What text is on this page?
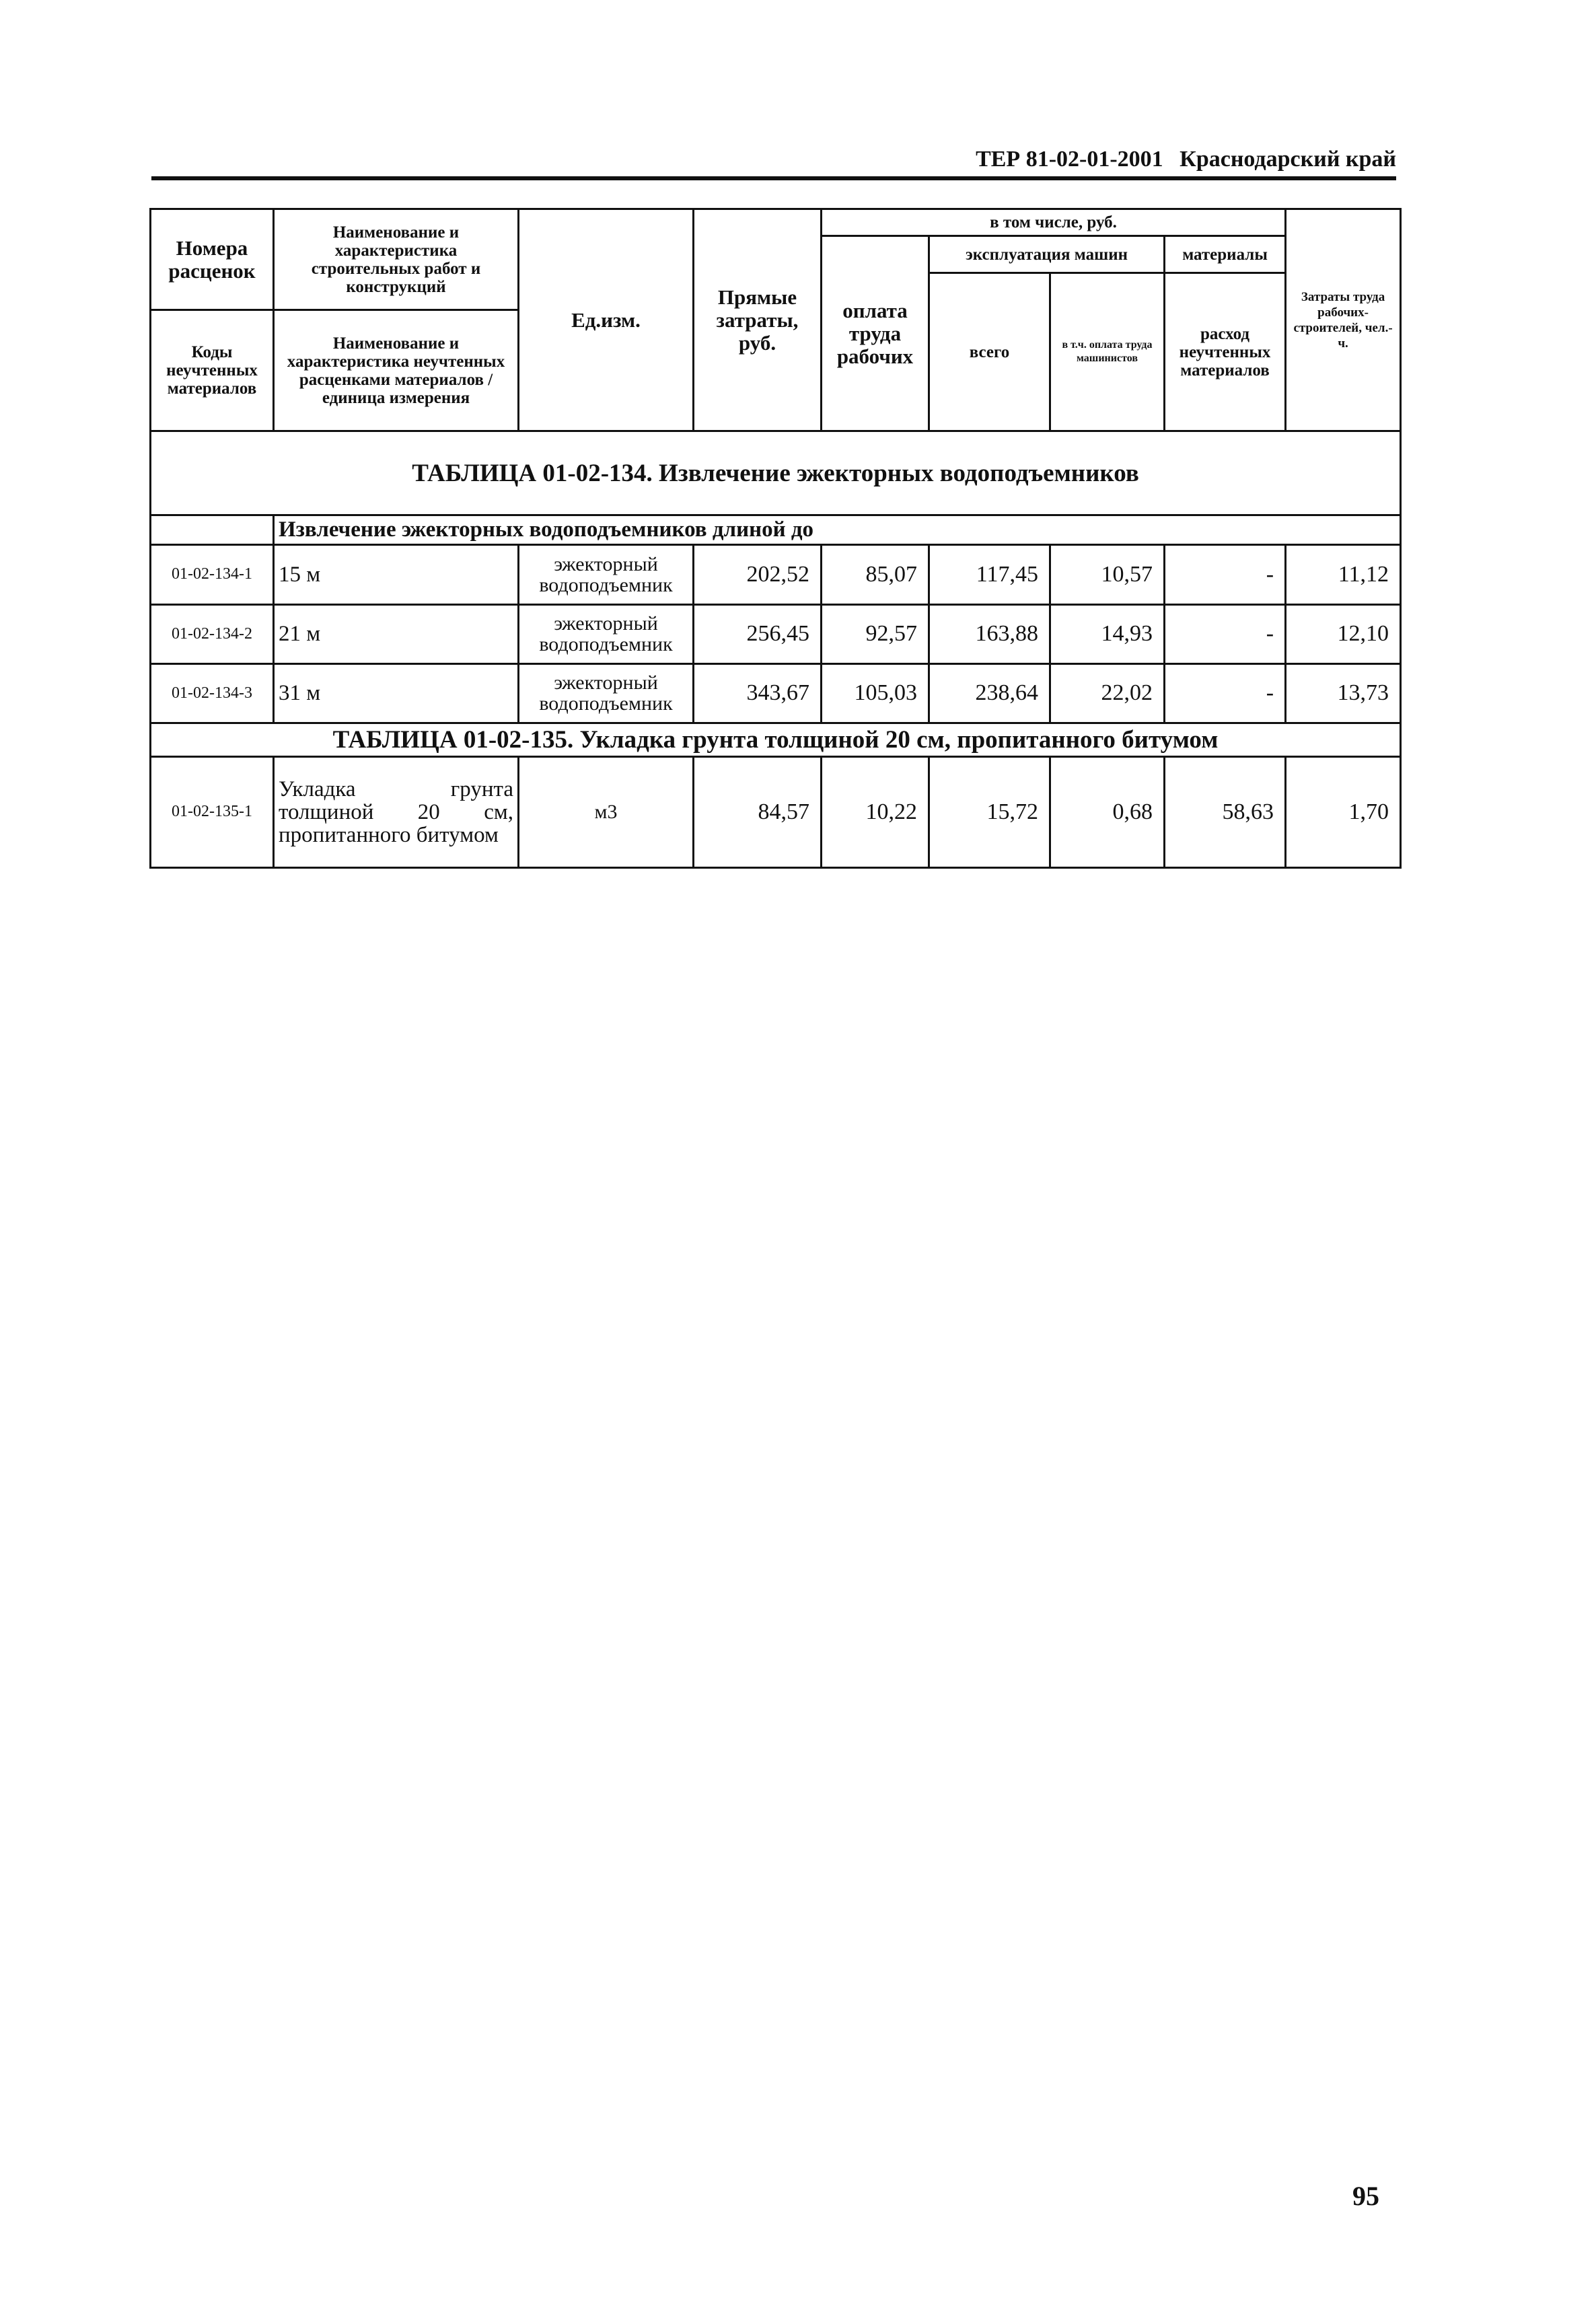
ТЕР 81-02-01-2001 Краснодарский край
Номера расценок	Наименование и характеристика строительных работ и конструкций	Ед.изм.	Прямые затраты, руб.	в том числе, руб.				Затраты труда рабочих-строителей, чел.-ч.
				оплата труда рабочих	эксплуатация машин		материалы	
					всего	в т.ч. оплата труда машинистов	расход неучтенных материалов	
Коды неучтенных материалов	Наименование и характеристика неучтенных расценками материалов / единица измерения							

ТАБЛИЦА 01-02-134. Извлечение эжекторных водоподъемников								
	Извлечение эжекторных водоподъемников длиной до							
01-02-134-1	15 м	эжекторный водоподъемник	202,52	85,07	117,45	10,57	-	11,12
01-02-134-2	21 м	эжекторный водоподъемник	256,45	92,57	163,88	14,93	-	12,10
01-02-134-3	31 м	эжекторный водоподъемник	343,67	105,03	238,64	22,02	-	13,73
ТАБЛИЦА 01-02-135. Укладка грунта толщиной 20 см, пропитанного битумом								
01-02-135-1	Укладка грунта толщиной 20 см, пропитанного битумом	м3	84,57	10,22	15,72	0,68	58,63	1,70
95
